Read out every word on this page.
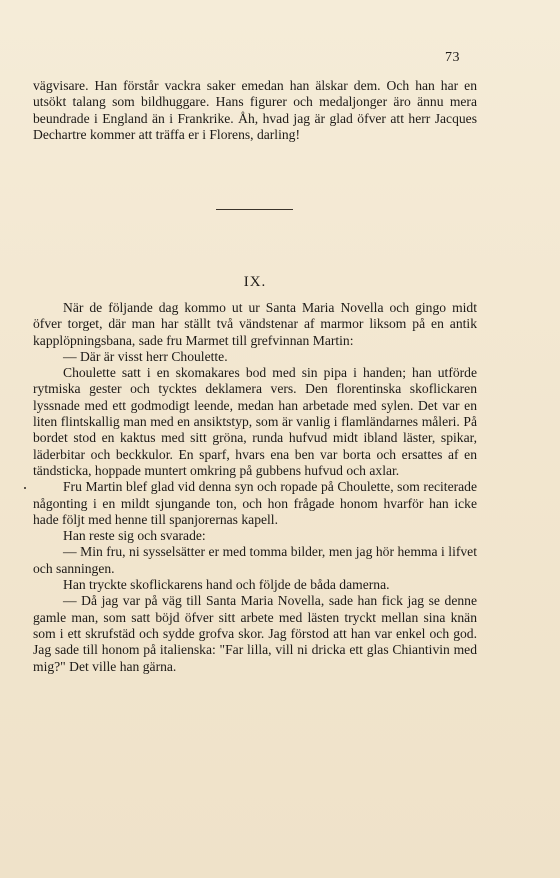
73

vägvisare. Han förstår vackra saker emedan han älskar dem. Och han har en utsökt talang som bildhuggare. Hans figurer och medaljonger äro ännu mera beundrade i England än i Frankrike. Åh, hvad jag är glad öfver att herr Jacques Dechartre kommer att träffa er i Florens, darling!

IX.

När de följande dag kommo ut ur Santa Maria Novella och gingo midt öfver torget, där man har ställt två vändstenar af marmor liksom på en antik kapplöpningsbana, sade fru Marmet till grefvinnan Martin:

— Där är visst herr Choulette.

Choulette satt i en skomakares bod med sin pipa i handen; han utförde rytmiska gester och tycktes deklamera vers. Den florentinska skoflickaren lyssnade med ett godmodigt leende, medan han arbetade med sylen. Det var en liten flintskallig man med en ansiktstyp, som är vanlig i flamländarnes måleri. På bordet stod en kaktus med sitt gröna, runda hufvud midt ibland läster, spikar, läderbitar och beckkulor. En sparf, hvars ena ben var borta och ersattes af en tändsticka, hoppade muntert omkring på gubbens hufvud och axlar.

Fru Martin blef glad vid denna syn och ropade på Choulette, som reciterade någonting i en mildt sjungande ton, och hon frågade honom hvarför han icke hade följt med henne till spanjorernas kapell.

Han reste sig och svarade:

— Min fru, ni sysselsätter er med tomma bilder, men jag hör hemma i lifvet och sanningen.

Han tryckte skoflickarens hand och följde de båda damerna.

— Då jag var på väg till Santa Maria Novella, sade han fick jag se denne gamle man, som satt böjd öfver sitt arbete med lästen tryckt mellan sina knän som i ett skrufstäd och sydde grofva skor. Jag förstod att han var enkel och god. Jag sade till honom på italienska: "Far lilla, vill ni dricka ett glas Chiantivin med mig?" Det ville han gärna.
